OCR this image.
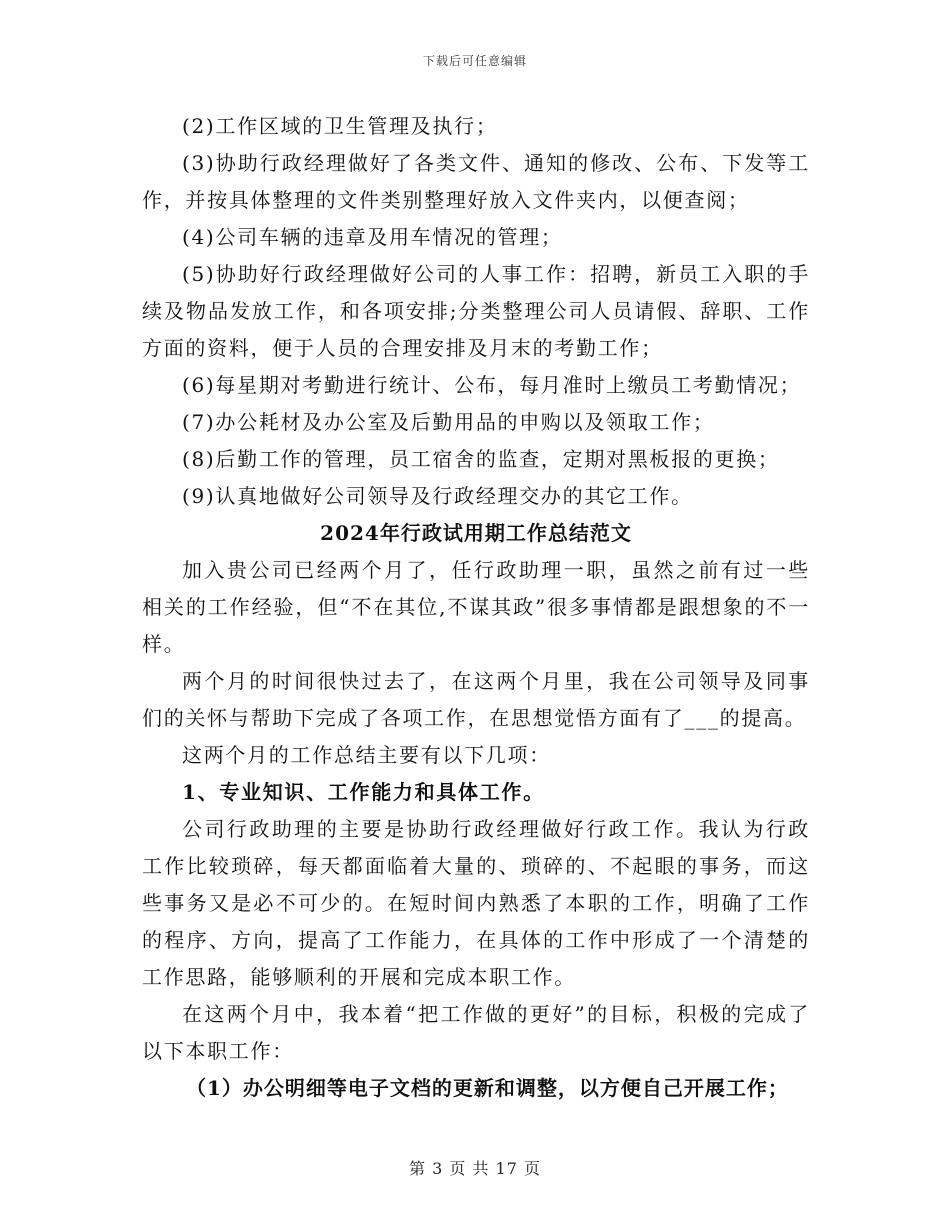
下载后可任意编辑

(2)工作区域的卫生管理及执行；

(3)协助行政经理做好了各类文件、通知的修改、公布、下发等工作，并按具体整理的文件类别整理好放入文件夹内，以便查阅；

(4)公司车辆的违章及用车情况的管理；

(5)协助好行政经理做好公司的人事工作：招聘，新员工入职的手续及物品发放工作，和各项安排;分类整理公司人员请假、辞职、工作方面的资料，便于人员的合理安排及月末的考勤工作；

(6)每星期对考勤进行统计、公布，每月准时上缴员工考勤情况；

(7)办公耗材及办公室及后勤用品的申购以及领取工作；

(8)后勤工作的管理，员工宿舍的监查，定期对黑板报的更换；

(9)认真地做好公司领导及行政经理交办的其它工作。

2024年行政试用期工作总结范文

加入贵公司已经两个月了，任行政助理一职，虽然之前有过一些相关的工作经验，但“不在其位,不谋其政”很多事情都是跟想象的不一样。

两个月的时间很快过去了，在这两个月里，我在公司领导及同事们的关怀与帮助下完成了各项工作，在思想觉悟方面有了___的提高。

这两个月的工作总结主要有以下几项：

1、专业知识、工作能力和具体工作。

公司行政助理的主要是协助行政经理做好行政工作。我认为行政工作比较琐碎，每天都面临着大量的、琐碎的、不起眼的事务，而这些事务又是必不可少的。在短时间内熟悉了本职的工作，明确了工作的程序、方向，提高了工作能力，在具体的工作中形成了一个清楚的工作思路，能够顺利的开展和完成本职工作。

在这两个月中，我本着“把工作做的更好”的目标，积极的完成了以下本职工作：

（1）办公明细等电子文档的更新和调整，以方便自己开展工作；
第 3 页 共 17 页
